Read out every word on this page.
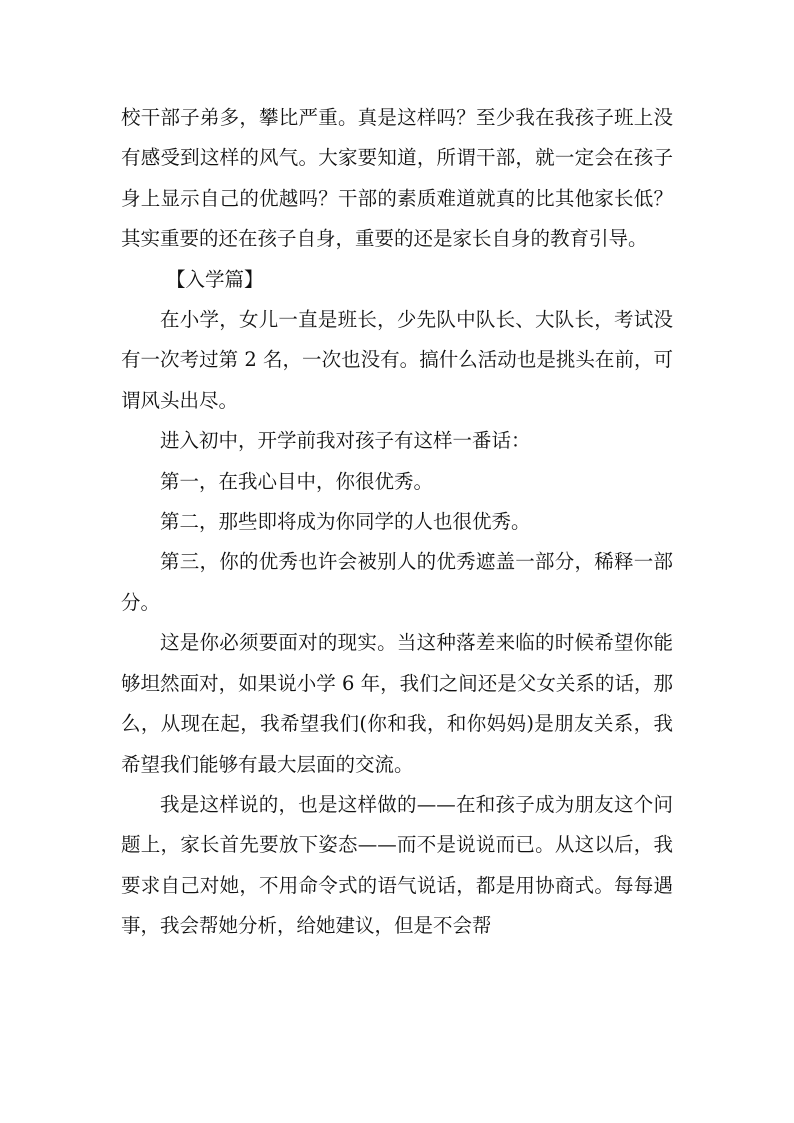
校干部子弟多，攀比严重。真是这样吗？至少我在我孩子班上没有感受到这样的风气。大家要知道，所谓干部，就一定会在孩子身上显示自己的优越吗？干部的素质难道就真的比其他家长低？其实重要的还在孩子自身，重要的还是家长自身的教育引导。

【入学篇】

在小学，女儿一直是班长，少先队中队长、大队长，考试没有一次考过第 2 名，一次也没有。搞什么活动也是挑头在前，可谓风头出尽。

进入初中，开学前我对孩子有这样一番话：

第一，在我心目中，你很优秀。

第二，那些即将成为你同学的人也很优秀。

第三，你的优秀也许会被别人的优秀遮盖一部分，稀释一部分。

这是你必须要面对的现实。当这种落差来临的时候希望你能够坦然面对，如果说小学 6 年，我们之间还是父女关系的话，那么，从现在起，我希望我们(你和我，和你妈妈)是朋友关系，我希望我们能够有最大层面的交流。

我是这样说的，也是这样做的——在和孩子成为朋友这个问题上，家长首先要放下姿态——而不是说说而已。从这以后，我要求自己对她，不用命令式的语气说话，都是用协商式。每每遇事，我会帮她分析，给她建议，但是不会帮
